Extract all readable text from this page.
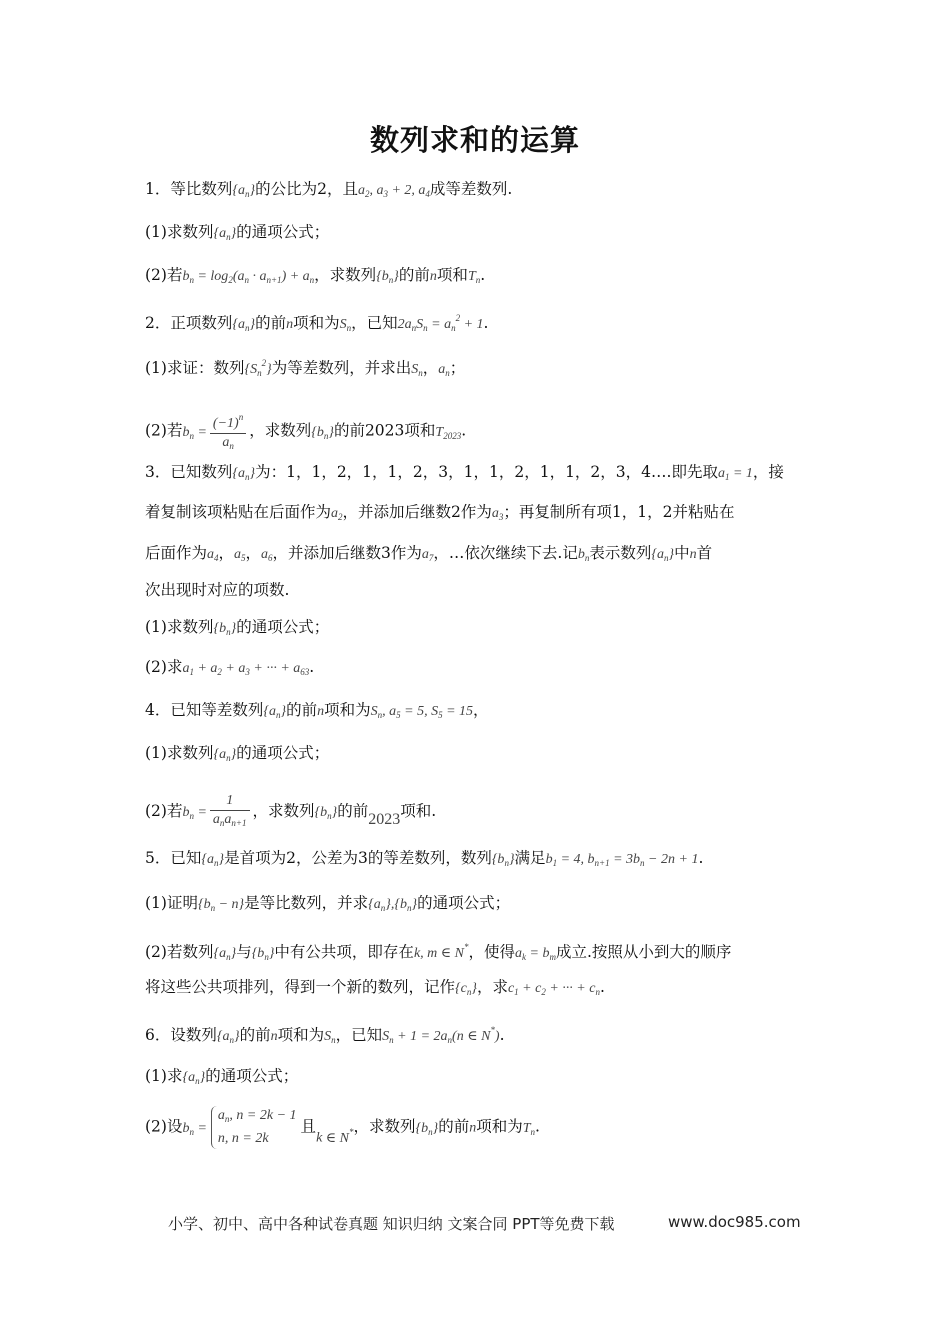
数列求和的运算
1．等比数列$\{a_n\}$的公比为2，且$a_2$, $a_3 + 2$, $a_4$成等差数列.
(1)求数列$\{a_n\}$的通项公式；
(2)若$b_n = \log_2(a_n \cdot a_{n+1}) + a_n$，求数列$\{b_n\}$的前n项和$T_n$.
2．正项数列$\{a_n\}$的前n项和为$S_n$，已知$2a_nS_n = a_n^2 + 1$.
(1)求证：数列$\{S_n^2\}$为等差数列，并求出$S_n$，$a_n$；
(2)若$b_n = \frac{(-1)^n}{a_n}$ ，求数列$\{b_n\}$的前2023项和$T_{2023}$.
3．已知数列$\{a_n\}$为：1，1，2，1，1，2，3，1，1，2，1，1，2，3，4….即先取$a_1 = 1$，接
着复制该项粘贴在后面作为$a_2$，并添加后继数2作为$a_3$；再复制所有项1，1，2并粘贴在
后面作为$a_4$，$a_5$，$a_6$，并添加后继数3作为$a_7$，…依次继续下去.记$b_n$表示数列$\{a_n\}$中n首
次出现时对应的项数.
(1)求数列$\{b_n\}$的通项公式；
(2)求$a_1 + a_2 + a_3$ + ··· + $a_{63}$.
4．已知等差数列$\{a_n\}$的前n项和为$S_n$, $a_5 = 5$, $S_5 = 15$，
(1)求数列$\{a_n\}$的通项公式；
(2)若$b_n = \frac{1}{a_na_{n+1}}$ ，求数列$\{b_n\}$的前2023项和.
5．已知$\{a_n\}$是首项为2，公差为3的等差数列，数列$\{b_n\}$满足$b_1 = 4$, $b_{n+1} = 3b_n - 2n + 1$.
(1)证明$\{b_n - n\}$是等比数列，并求$\{a_n\},\{b_n\}$的通项公式；
(2)若数列$\{a_n\}$与$\{b_n\}$中有公共项，即存在k, m ∈ N*，使得$a_k = b_m$成立.按照从小到大的顺序
将这些公共项排列，得到一个新的数列，记作$\{c_n\}$，求$c_1 + c_2$ + ··· + $c_n$.
6．设数列$\{a_n\}$的前n项和为$S_n$，已知$S_n + 1 = 2a_n(n$ ∈ N*).
(1)求$\{a_n\}$的通项公式；
(2)设$b_n$ =
$a_n$, n = 2k − 1
n, n = 2k
且k ∈ N*，求数列$\{b_n\}$的前n项和为$T_n$.
小学、初中、高中各种试卷真题 知识归纳 文案合同 PPT等免费下载	www.doc985.com
